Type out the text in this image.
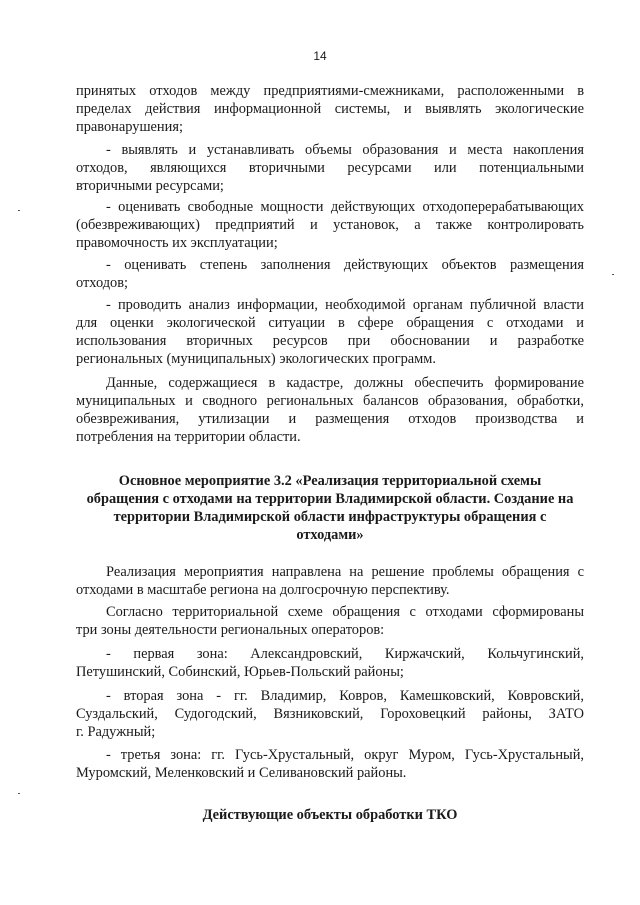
14
принятых отходов между предприятиями-смежниками, расположенными в
пределах действия информационной системы, и выявлять экологические
правонарушения;
- выявлять и устанавливать объемы образования и места накопления
отходов, являющихся вторичными ресурсами или потенциальными
вторичными ресурсами;
- оценивать свободные мощности действующих отходоперерабатывающих
(обезвреживающих) предприятий и установок, а также контролировать
правомочность их эксплуатации;
- оценивать степень заполнения действующих объектов размещения
отходов;
- проводить анализ информации, необходимой органам публичной власти
для оценки экологической ситуации в сфере обращения с отходами и
использования вторичных ресурсов при обосновании и разработке
региональных (муниципальных) экологических программ.
Данные, содержащиеся в кадастре, должны обеспечить формирование
муниципальных и сводного региональных балансов образования, обработки,
обезвреживания, утилизации и размещения отходов производства и
потребления на территории области.
Реализация мероприятия направлена на решение проблемы обращения с
отходами в масштабе региона на долгосрочную перспективу.
Согласно территориальной схеме обращения с отходами сформированы
три зоны деятельности региональных операторов:
- первая зона: Александровский, Киржачский, Кольчугинский,
Петушинский, Собинский, Юрьев-Польский районы;
- вторая зона - гг. Владимир, Ковров, Камешковский, Ковровский,
Суздальский, Судогодский, Вязниковский, Гороховецкий районы, ЗАТО
г. Радужный;
- третья зона: гг. Гусь-Хрустальный, округ Муром, Гусь-Хрустальный,
Муромский, Меленковский и Селивановский районы.
Основное мероприятие 3.2 «Реализация территориальной схемы
обращения с отходами на территории Владимирской области. Создание на
территории Владимирской области инфраструктуры обращения с
отходами»
Действующие объекты обработки ТКО
